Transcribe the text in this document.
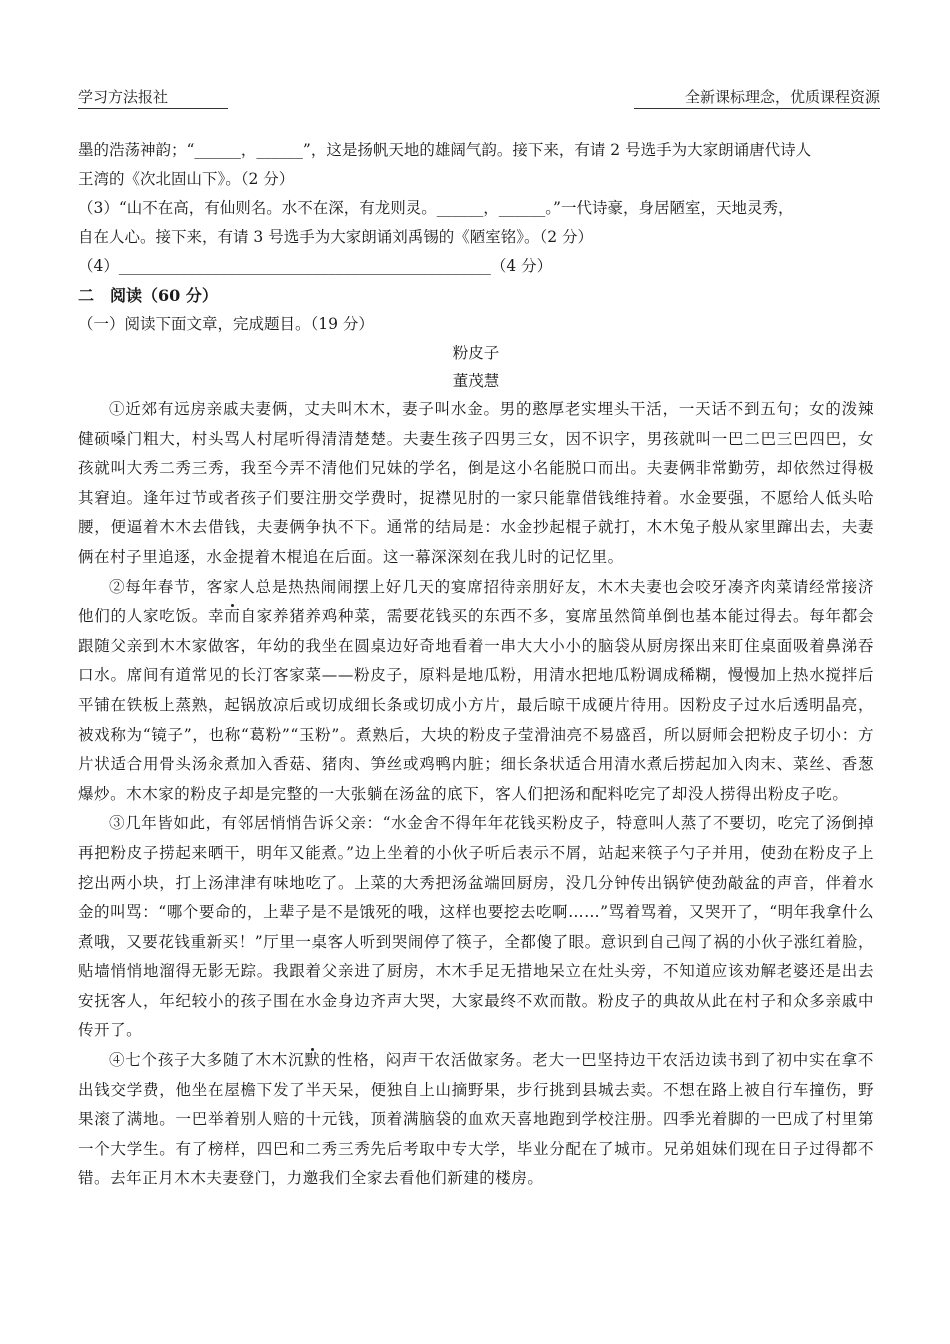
学习方法报社	全新课标理念，优质课程资源
墨的浩荡神韵；“______，______”，这是扬帆天地的雄阔气韵。接下来，有请 2 号选手为大家朗诵唐代诗人
王湾的《次北固山下》。（2 分）
（3）“山不在高，有仙则名。水不在深，有龙则灵。______，______。”一代诗豪，身居陋室，天地灵秀，
自在人心。接下来，有请 3 号选手为大家朗诵刘禹锡的《陋室铭》。（2 分）
（4）________________________________________________（4 分）
二　阅读（60 分）
（一）阅读下面文章，完成题目。（19 分）
粉皮子
董茂慧

①近郊有远房亲戚夫妻俩，丈夫叫木木，妻子叫水金。男的憨厚老实埋头干活，一天话不到五句；女的泼辣健硕嗓门粗大，村头骂人村尾听得清清楚楚。夫妻生孩子四男三女，因不识字，男孩就叫一巴二巴三巴四巴，女孩就叫大秀二秀三秀，我至今弄不清他们兄妹的学名，倒是这小名能脱口而出。夫妻俩非常勤劳，却依然过得极其窘迫。逢年过节或者孩子们要注册交学费时，捉襟见肘的一家只能靠借钱维持着。水金要强，不愿给人低头哈腰，便逼着木木去借钱，夫妻俩争执不下。通常的结局是：水金抄起棍子就打，木木兔子般从家里蹿出去，夫妻俩在村子里追逐，水金提着木棍追在后面。这一幕深深刻在我儿时的记忆里。

②每年春节，客家人总是热热闹闹摆上好几天的宴席招待亲朋好友，木木夫妻也会咬牙凑齐肉菜请经常接济他们的人家吃饭。幸而自家养猪养鸡种菜，需要花钱买的东西不多，宴席虽然简单倒也基本能过得去。每年都会跟随父亲到木木家做客，年幼的我坐在圆桌边好奇地看着一串大大小小的脑袋从厨房探出来盯住桌面吸着鼻涕吞口水。席间有道常见的长汀客家菜——粉皮子，原料是地瓜粉，用清水把地瓜粉调成稀糊，慢慢加上热水搅拌后平铺在铁板上蒸熟，起锅放凉后或切成细长条或切成小方片，最后晾干成硬片待用。因粉皮子过水后透明晶亮，被戏称为“镜子”，也称“葛粉”“玉粉”。煮熟后，大块的粉皮子莹滑油亮不易盛舀，所以厨师会把粉皮子切小：方片状适合用骨头汤汆煮加入香菇、猪肉、笋丝或鸡鸭内脏；细长条状适合用清水煮后捞起加入肉末、菜丝、香葱爆炒。木木家的粉皮子却是完整的一大张躺在汤盆的底下，客人们把汤和配料吃完了却没人捞得出粉皮子吃。

③几年皆如此，有邻居悄悄告诉父亲：“水金舍不得年年花钱买粉皮子，特意叫人蒸了不要切，吃完了汤倒掉再把粉皮子捞起来晒干，明年又能煮。”边上坐着的小伙子听后表示不屑，站起来筷子勺子并用，使劲在粉皮子上挖出两小块，打上汤津津有味地吃了。上菜的大秀把汤盆端回厨房，没几分钟传出锅铲使劲敲盆的声音，伴着水金的叫骂：“哪个要命的，上辈子是不是饿死的哦，这样也要挖去吃啊……”骂着骂着，又哭开了，“明年我拿什么煮哦，又要花钱重新买！”厅里一桌客人听到哭闹停了筷子，全都傻了眼。意识到自己闯了祸的小伙子涨红着脸，贴墙悄悄地溜得无影无踪。我跟着父亲进了厨房，木木手足无措地呆立在灶头旁，不知道应该劝解老婆还是出去安抚客人，年纪较小的孩子围在水金身边齐声大哭，大家最终不欢而散。粉皮子的典故从此在村子和众多亲戚中传开了。

④七个孩子大多随了木木沉默的性格，闷声干农活做家务。老大一巴坚持边干农活边读书到了初中实在拿不出钱交学费，他坐在屋檐下发了半天呆，便独自上山摘野果，步行挑到县城去卖。不想在路上被自行车撞伤，野果滚了满地。一巴举着别人赔的十元钱，顶着满脑袋的血欢天喜地跑到学校注册。四季光着脚的一巴成了村里第一个大学生。有了榜样，四巴和二秀三秀先后考取中专大学，毕业分配在了城市。兄弟姐妹们现在日子过得都不错。去年正月木木夫妻登门，力邀我们全家去看他们新建的楼房。
